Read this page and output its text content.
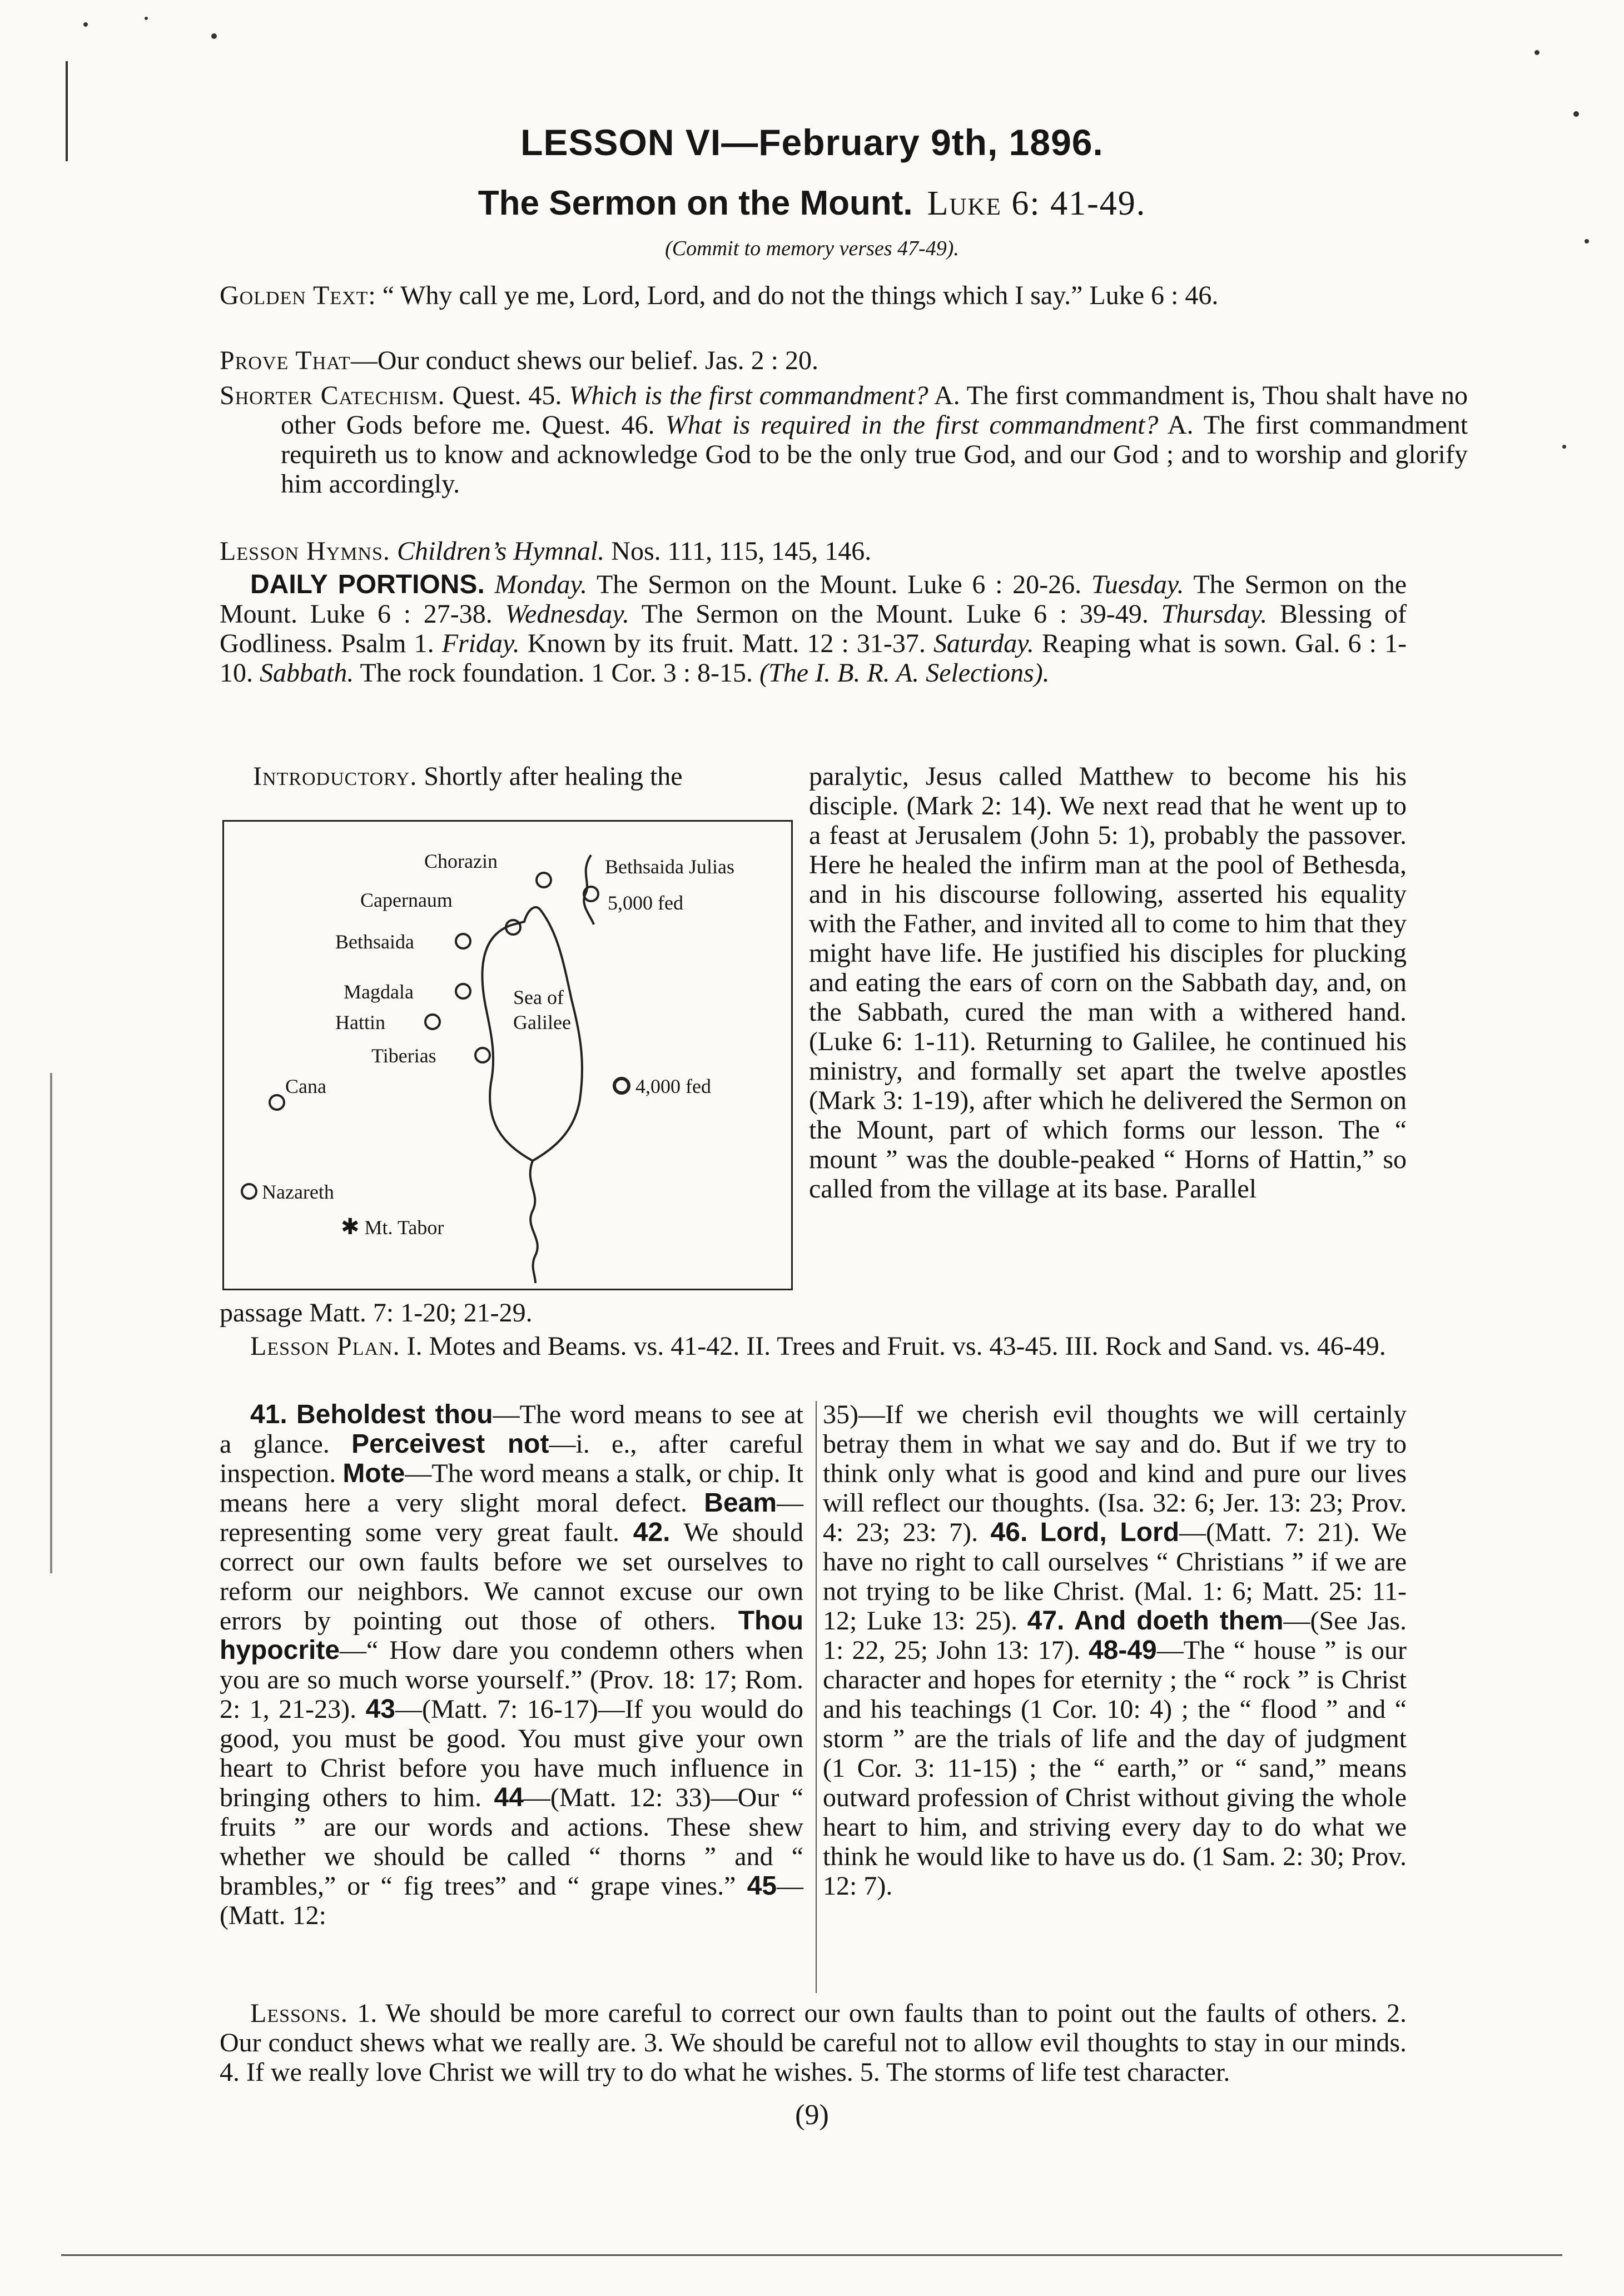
LESSON VI—February 9th, 1896.
The Sermon on the Mount. Luke 6: 41-49.
(Commit to memory verses 47-49).
Golden Text: “ Why call ye me, Lord, Lord, and do not the things which I say.” Luke 6 : 46.
Prove That—Our conduct shews our belief. Jas. 2 : 20.
Shorter Catechism. Quest. 45. Which is the first commandment? A. The first commandment is, Thou shalt have no other Gods before me. Quest. 46. What is required in the first commandment? A. The first commandment requireth us to know and acknowledge God to be the only true God, and our God ; and to worship and glorify him accordingly.
Lesson Hymns. Children’s Hymnal. Nos. 111, 115, 145, 146.
DAILY PORTIONS. Monday. The Sermon on the Mount. Luke 6 : 20-26. Tuesday. The Sermon on the Mount. Luke 6 : 27-38. Wednesday. The Sermon on the Mount. Luke 6 : 39-49. Thursday. Blessing of Godliness. Psalm 1. Friday. Known by its fruit. Matt. 12 : 31-37. Saturday. Reaping what is sown. Gal. 6 : 1-10. Sabbath. The rock foundation. 1 Cor. 3 : 8-15. (The I. B. R. A. Selections).
Introductory. Shortly after healing the
Chorazin	Bethsaida Julias
Capernaum	5,000 fed
Bethsaida
Magdala	Sea of
Hattin	Galilee
Tiberias
Cana	4,000 fed
Nazareth
✱ Mt. Tabor
paralytic, Jesus called Matthew to become his his disciple. (Mark 2: 14). We next read that he went up to a feast at Jerusalem (John 5: 1), probably the passover. Here he healed the infirm man at the pool of Bethesda, and in his discourse following, asserted his equality with the Father, and invited all to come to him that they might have life. He justified his disciples for plucking and eating the ears of corn on the Sabbath day, and, on the Sabbath, cured the man with a withered hand. (Luke 6: 1-11). Returning to Galilee, he continued his ministry, and formally set apart the twelve apostles (Mark 3: 1-19), after which he delivered the Sermon on the Mount, part of which forms our lesson. The “ mount ” was the double-peaked “ Horns of Hattin,” so called from the village at its base. Parallel
passage Matt. 7: 1-20; 21-29.
Lesson Plan. I. Motes and Beams. vs. 41-42. II. Trees and Fruit. vs. 43-45. III. Rock and Sand. vs. 46-49.
41. Beholdest thou—The word means to see at a glance. Perceivest not—i. e., after careful inspection. Mote—The word means a stalk, or chip. It means here a very slight moral defect. Beam— representing some very great fault. 42. We should correct our own faults before we set ourselves to reform our neighbors. We cannot excuse our own errors by pointing out those of others. Thou hypocrite—“ How dare you condemn others when you are so much worse yourself.” (Prov. 18: 17; Rom. 2: 1, 21-23). 43—(Matt. 7: 16-17)—If you would do good, you must be good. You must give your own heart to Christ before you have much influence in bringing others to him. 44—(Matt. 12: 33)—Our “ fruits ” are our words and actions. These shew whether we should be called “ thorns ” and “ brambles,” or “ fig trees” and “ grape vines.” 45—(Matt. 12:
35)—If we cherish evil thoughts we will certainly betray them in what we say and do. But if we try to think only what is good and kind and pure our lives will reflect our thoughts. (Isa. 32: 6; Jer. 13: 23; Prov. 4: 23; 23: 7). 46. Lord, Lord—(Matt. 7: 21). We have no right to call ourselves “ Christians ” if we are not trying to be like Christ. (Mal. 1: 6; Matt. 25: 11-12; Luke 13: 25). 47. And doeth them—(See Jas. 1: 22, 25; John 13: 17). 48-49—The “ house ” is our character and hopes for eternity ; the “ rock ” is Christ and his teachings (1 Cor. 10: 4) ; the “ flood ” and “ storm ” are the trials of life and the day of judgment (1 Cor. 3: 11-15) ; the “ earth,” or “ sand,” means outward profession of Christ without giving the whole heart to him, and striving every day to do what we think he would like to have us do. (1 Sam. 2: 30; Prov. 12: 7).
Lessons. 1. We should be more careful to correct our own faults than to point out the faults of others. 2. Our conduct shews what we really are. 3. We should be careful not to allow evil thoughts to stay in our minds. 4. If we really love Christ we will try to do what he wishes. 5. The storms of life test character.
(9)
